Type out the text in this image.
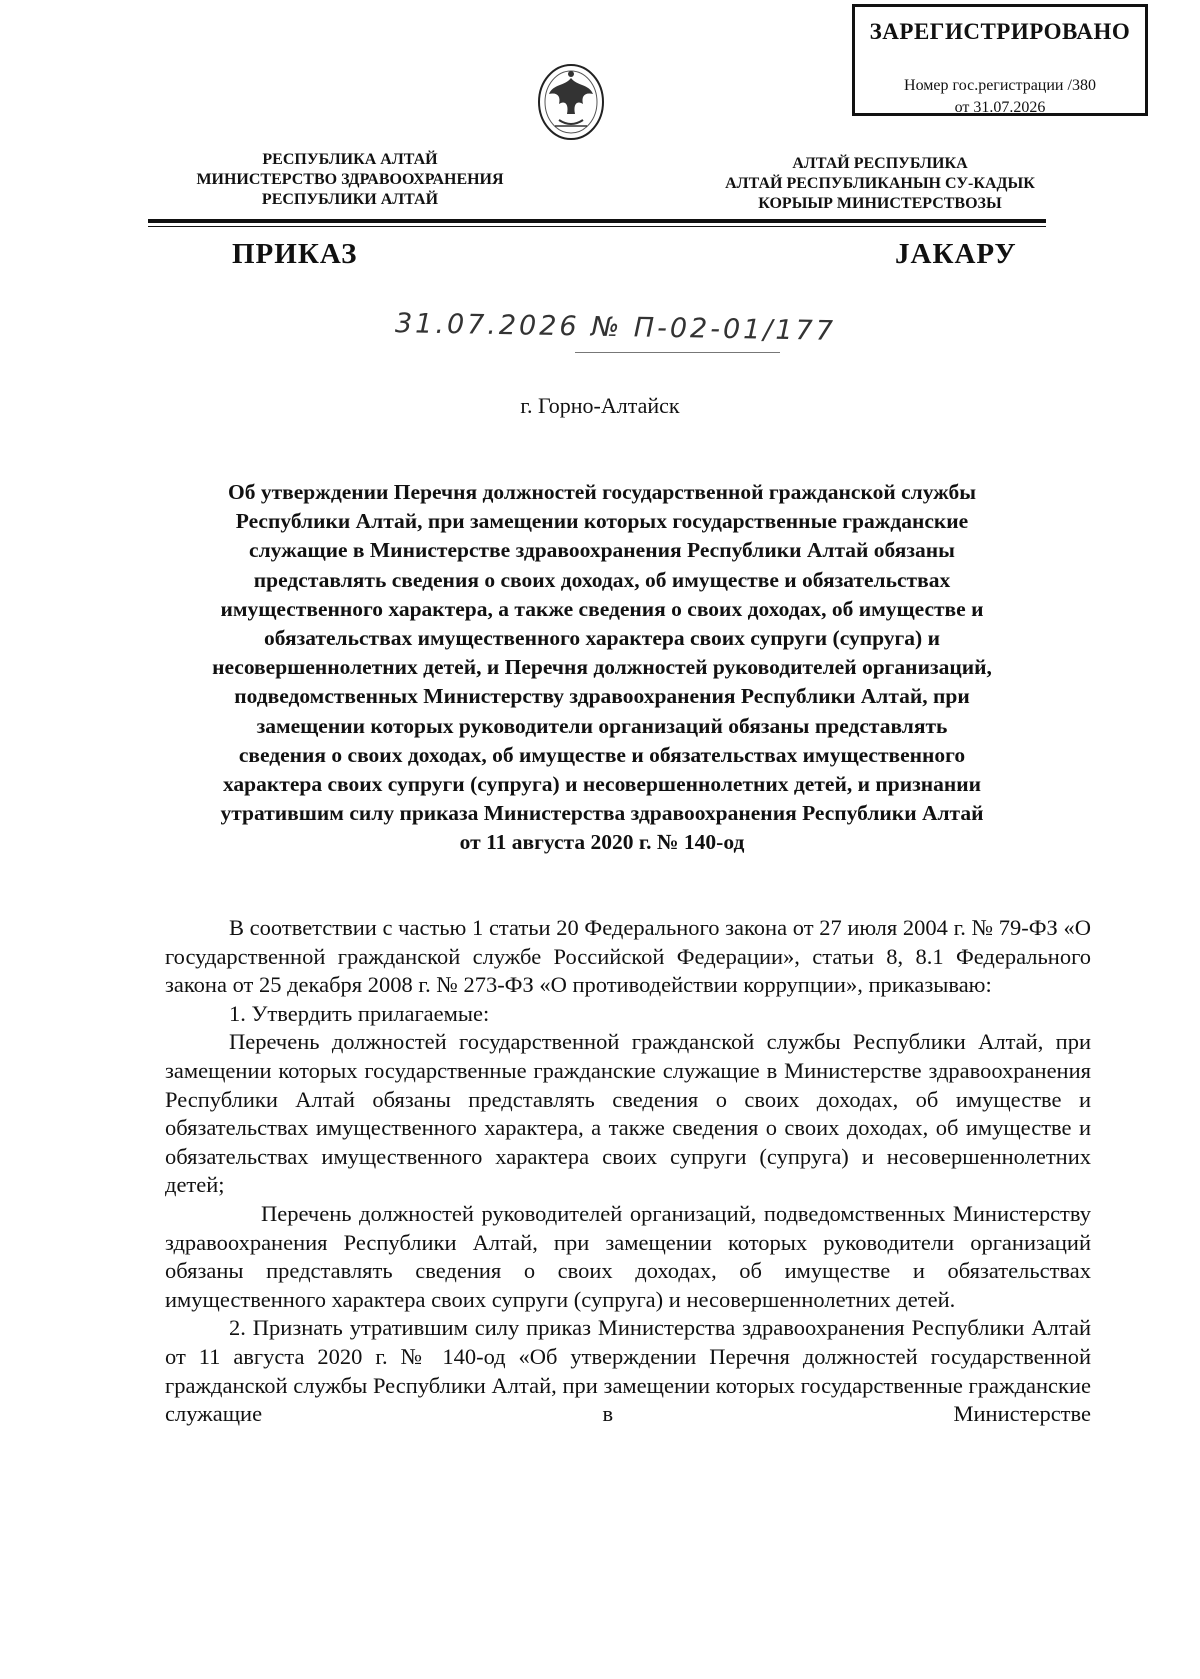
ЗАРЕГИСТРИРОВАНО
Номер гос.регистрации /380
от 31.07.2026
РЕСПУБЛИКА АЛТАЙ
МИНИСТЕРСТВО ЗДРАВООХРАНЕНИЯ
РЕСПУБЛИКИ АЛТАЙ
АЛТАЙ РЕСПУБЛИКА
АЛТАЙ РЕСПУБЛИКАНЫН СУ-КАДЫК
КОРЫЫР МИНИСТЕРСТВОЗЫ
ПРИКАЗ	JАКАРУ
31.07.2026 № П-02-01/177
г. Горно-Алтайск
Об утверждении Перечня должностей государственной гражданской службы
Республики Алтай, при замещении которых государственные гражданские
служащие в Министерстве здравоохранения Республики Алтай обязаны
представлять сведения о своих доходах, об имуществе и обязательствах
имущественного характера, а также сведения о своих доходах, об имуществе и
обязательствах имущественного характера своих супруги (супруга) и
несовершеннолетних детей, и Перечня должностей руководителей организаций,
подведомственных Министерству здравоохранения Республики Алтай, при
замещении которых руководители организаций обязаны представлять
сведения о своих доходах, об имуществе и обязательствах имущественного
характера своих супруги (супруга) и несовершеннолетних детей, и признании
утратившим силу приказа Министерства здравоохранения Республики Алтай
от 11 августа 2020 г. № 140-од

В соответствии с частью 1 статьи 20 Федерального закона от 27 июля 2004 г. № 79-ФЗ «О государственной гражданской службе Российской Федерации», статьи 8, 8.1 Федерального закона от 25 декабря 2008 г. № 273-ФЗ «О противодействии коррупции», приказываю:

1. Утвердить прилагаемые:

Перечень должностей государственной гражданской службы Республики Алтай, при замещении которых государственные гражданские служащие в Министерстве здравоохранения Республики Алтай обязаны представлять сведения о своих доходах, об имуществе и обязательствах имущественного характера, а также сведения о своих доходах, об имуществе и обязательствах имущественного характера своих супруги (супруга) и несовершеннолетних детей;

Перечень должностей руководителей организаций, подведомственных Министерству здравоохранения Республики Алтай, при замещении которых руководители организаций обязаны представлять сведения о своих доходах, об имуществе и обязательствах имущественного характера своих супруги (супруга) и несовершеннолетних детей.

2. Признать утратившим силу приказ Министерства здравоохранения Республики Алтай от 11 августа 2020 г. № 140-од «Об утверждении Перечня должностей государственной гражданской службы Республики Алтай, при замещении которых государственные гражданские служащие в Министерстве
